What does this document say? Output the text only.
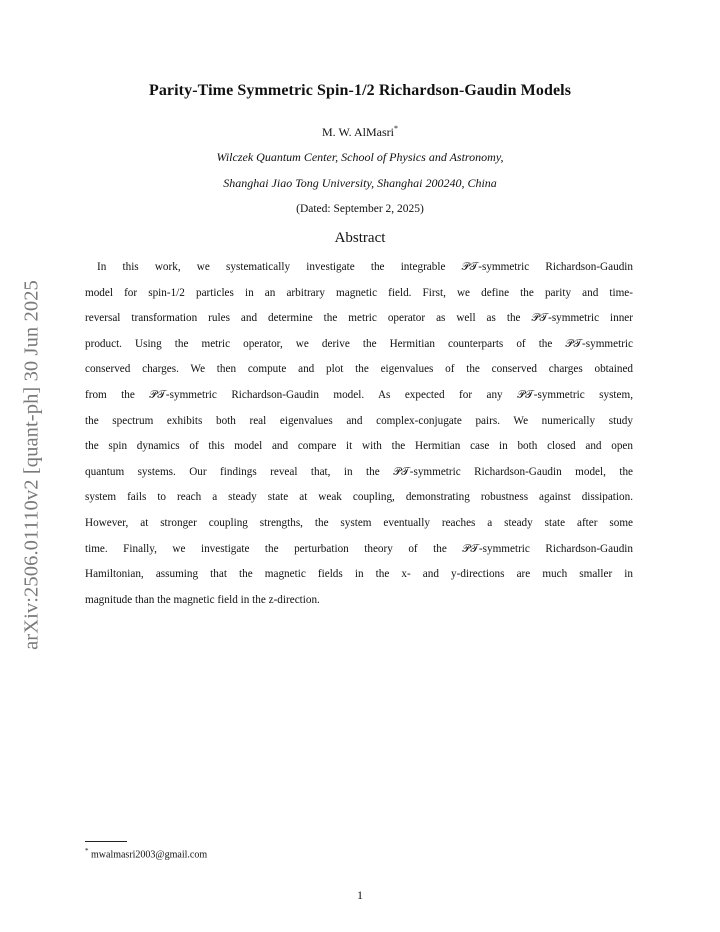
arXiv:2506.01110v2 [quant-ph] 30 Jun 2025
Parity-Time Symmetric Spin-1/2 Richardson-Gaudin Models
M. W. AlMasri*
Wilczek Quantum Center, School of Physics and Astronomy,
Shanghai Jiao Tong University, Shanghai 200240, China
(Dated: September 2, 2025)
Abstract
In this work, we systematically investigate the integrable 𝒫𝒯-symmetric Richardson-Gaudin
model for spin-1/2 particles in an arbitrary magnetic field. First, we define the parity and time-
reversal transformation rules and determine the metric operator as well as the 𝒫𝒯-symmetric inner
product. Using the metric operator, we derive the Hermitian counterparts of the 𝒫𝒯-symmetric
conserved charges. We then compute and plot the eigenvalues of the conserved charges obtained
from the 𝒫𝒯-symmetric Richardson-Gaudin model. As expected for any 𝒫𝒯-symmetric system,
the spectrum exhibits both real eigenvalues and complex-conjugate pairs. We numerically study
the spin dynamics of this model and compare it with the Hermitian case in both closed and open
quantum systems. Our findings reveal that, in the 𝒫𝒯-symmetric Richardson-Gaudin model, the
system fails to reach a steady state at weak coupling, demonstrating robustness against dissipation.
However, at stronger coupling strengths, the system eventually reaches a steady state after some
time. Finally, we investigate the perturbation theory of the 𝒫𝒯-symmetric Richardson-Gaudin
Hamiltonian, assuming that the magnetic fields in the x- and y-directions are much smaller in
magnitude than the magnetic field in the z-direction.
* mwalmasri2003@gmail.com
1
